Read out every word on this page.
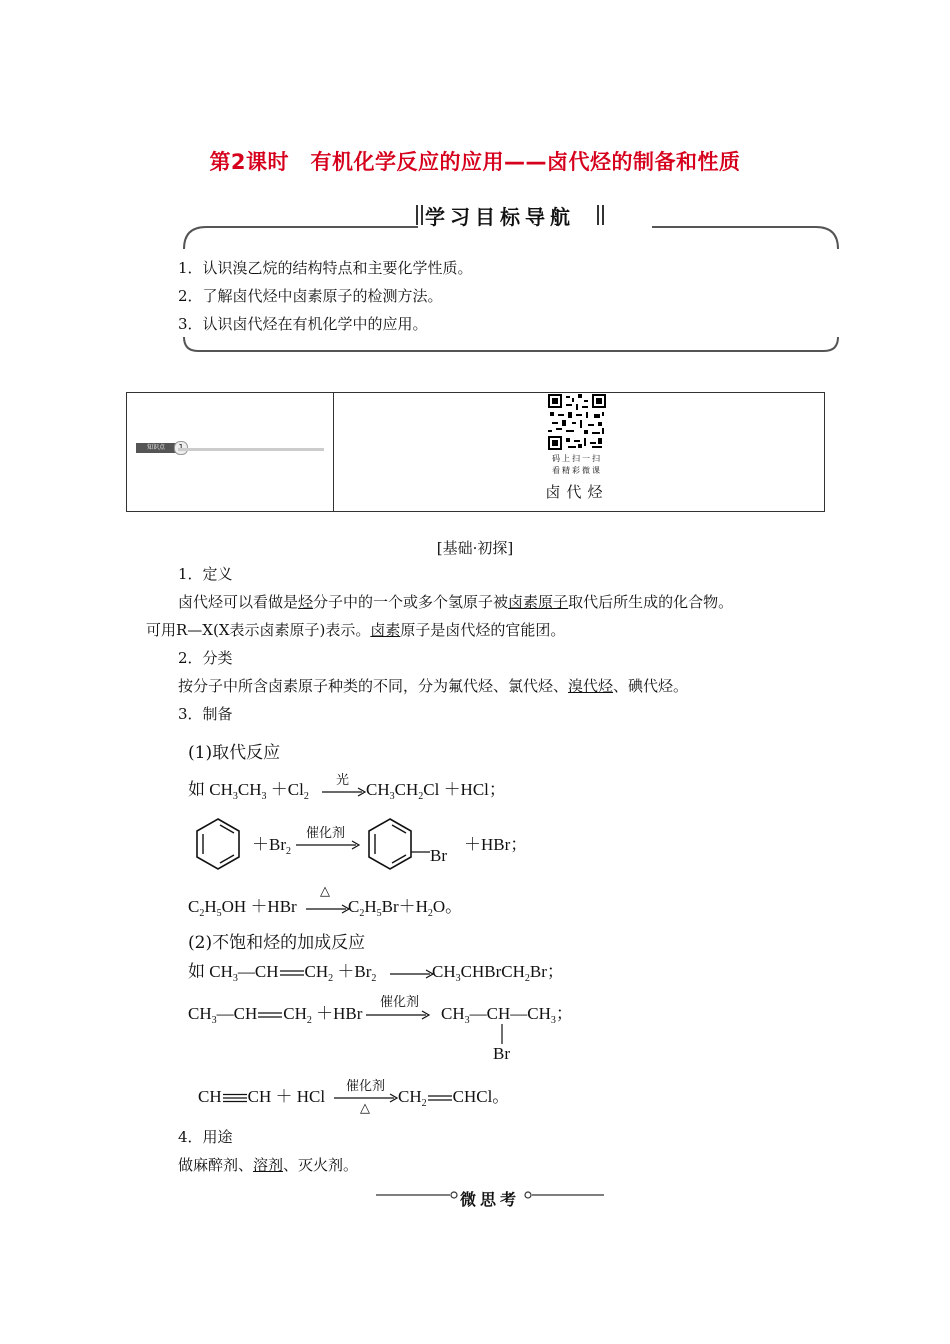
第2课时　有机化学反应的应用——卤代烃的制备和性质
学习目标导航
1．认识溴乙烷的结构特点和主要化学性质。
2．了解卤代烃中卤素原子的检测方法。
3．认识卤代烃在有机化学中的应用。
知识点
码上扫一扫
看精彩微课
卤代烃
[基础·初探]
1．定义
卤代烃可以看做是烃分子中的一个或多个氢原子被卤素原子取代后所生成的化合物。
可用R—X(X表示卤素原子)表示。卤素原子是卤代烃的官能团。
2．分类
按分子中所含卤素原子种类的不同，分为氟代烃、氯代烃、溴代烃、碘代烃。
3．制备
(1)取代反应
如 $CH_3CH_3 +Cl_2$
光 → $CH_3CH_2Cl +HCl$；
$+Br_2$
催化剂
Br
＋HBr；
$C_2H_5OH +HBr$
△
$C_2H_5Br+H_2O$。
(2)不饱和烃的加成反应
如 $CH_3—CH$ $CH_2 +Br_2$ →
$CH_3CHBrCH_2Br$；
$CH_3—CH$ $CH_2 +HBr$
催化剂
→ $CH_3—CH—CH_3$；
Br
CH CH ＋ HCl
催化剂
△
$CH_2$ CHCl。
4．用途
做麻醉剂、溶剂、灭火剂。
微思考
